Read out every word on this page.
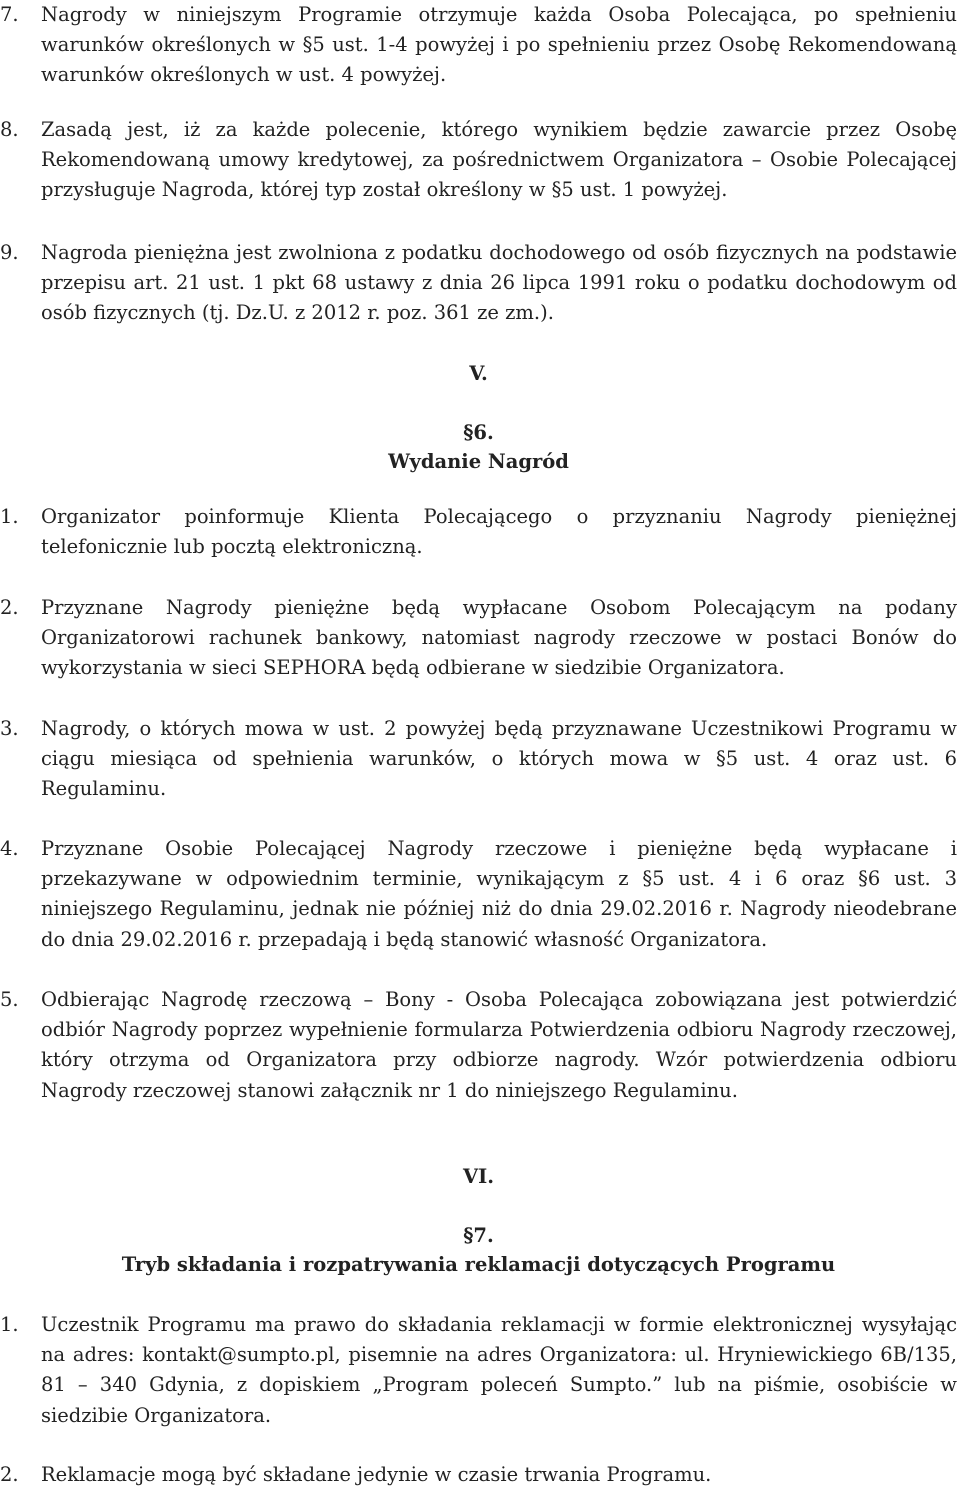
7. Nagrody w niniejszym Programie otrzymuje każda Osoba Polecająca, po spełnieniu warunków określonych w §5 ust. 1-4 powyżej i po spełnieniu przez Osobę Rekomendowaną warunków określonych w ust. 4 powyżej.
8. Zasadą jest, iż za każde polecenie, którego wynikiem będzie zawarcie przez Osobę Rekomendowaną umowy kredytowej, za pośrednictwem Organizatora – Osobie Polecającej przysługuje Nagroda, której typ został określony w §5 ust. 1 powyżej.
9. Nagroda pieniężna jest zwolniona z podatku dochodowego od osób fizycznych na podstawie przepisu art. 21 ust. 1 pkt 68 ustawy z dnia 26 lipca 1991 roku o podatku dochodowym od osób fizycznych (tj. Dz.U. z 2012 r. poz. 361 ze zm.).
V.
§6.
Wydanie Nagród
1. Organizator poinformuje Klienta Polecającego o przyznaniu Nagrody pieniężnej telefonicznie lub pocztą elektroniczną.
2. Przyznane Nagrody pieniężne będą wypłacane Osobom Polecającym na podany Organizatorowi rachunek bankowy, natomiast nagrody rzeczowe w postaci Bonów do wykorzystania w sieci SEPHORA będą odbierane w siedzibie Organizatora.
3. Nagrody, o których mowa w ust. 2 powyżej będą przyznawane Uczestnikowi Programu w ciągu miesiąca od spełnienia warunków, o których mowa w §5 ust. 4 oraz ust. 6 Regulaminu.
4. Przyznane Osobie Polecającej Nagrody rzeczowe i pieniężne będą wypłacane i przekazywane w odpowiednim terminie, wynikającym z §5 ust. 4 i 6 oraz §6 ust. 3 niniejszego Regulaminu, jednak nie później niż do dnia 29.02.2016 r. Nagrody nieodebrane do dnia 29.02.2016 r. przepadają i będą stanowić własność Organizatora.
5. Odbierając Nagrodę rzeczową – Bony - Osoba Polecająca zobowiązana jest potwierdzić odbiór Nagrody poprzez wypełnienie formularza Potwierdzenia odbioru Nagrody rzeczowej, który otrzyma od Organizatora przy odbiorze nagrody. Wzór potwierdzenia odbioru Nagrody rzeczowej stanowi załącznik nr 1 do niniejszego Regulaminu.
VI.
§7.
Tryb składania i rozpatrywania reklamacji dotyczących Programu
1. Uczestnik Programu ma prawo do składania reklamacji w formie elektronicznej wysyłając na adres: kontakt@sumpto.pl, pisemnie na adres Organizatora: ul. Hryniewickiego 6B/135, 81 – 340 Gdynia, z dopiskiem „Program poleceń Sumpto.” lub na piśmie, osobiście w siedzibie Organizatora.
2. Reklamacje mogą być składane jedynie w czasie trwania Programu.
